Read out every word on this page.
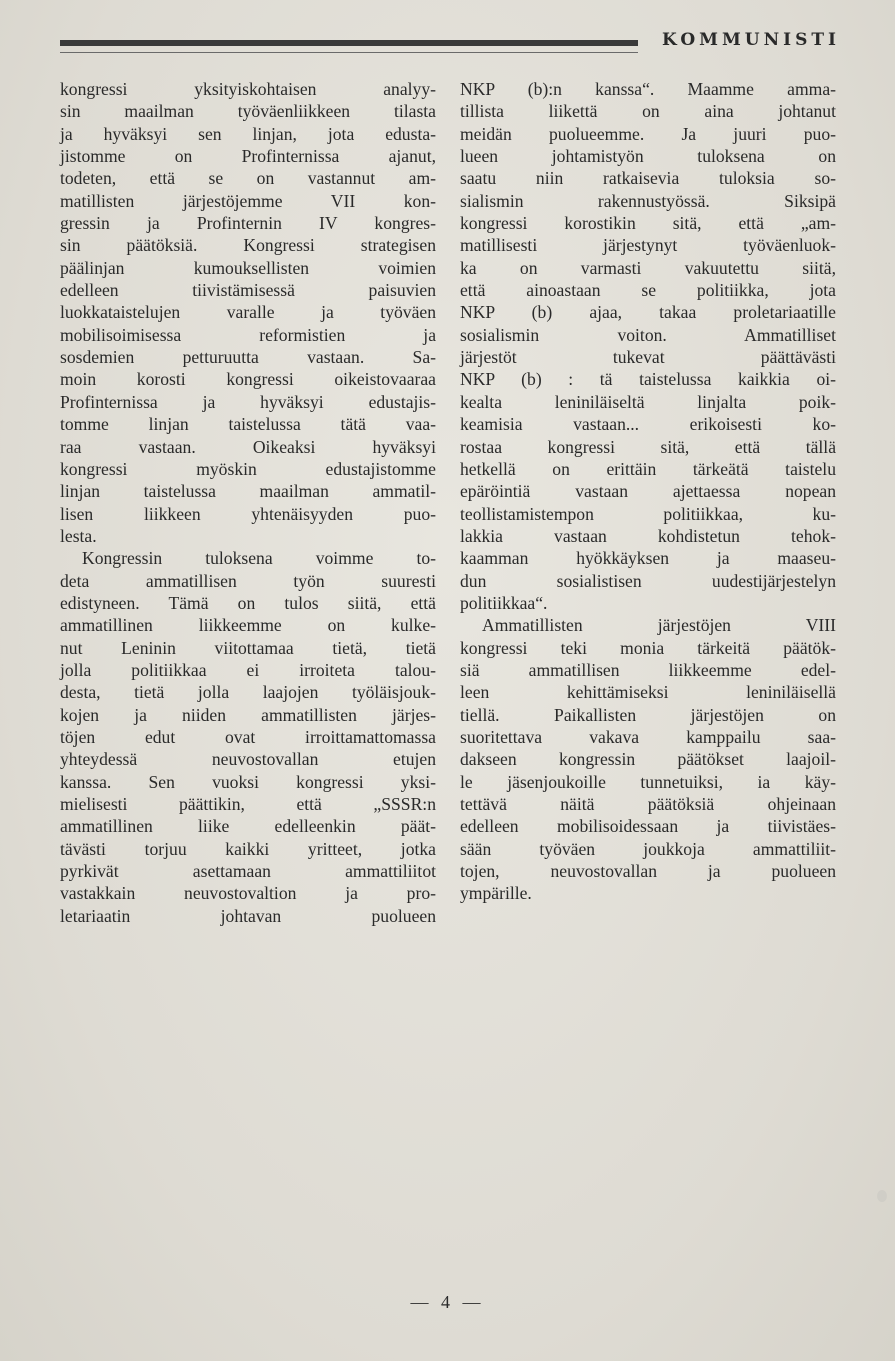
KOMMUNISTI
kongressi yksityiskohtaisen analyy-
sin maailman työväenliikkeen tilasta
ja hyväksyi sen linjan, jota edusta-
jistomme on Profinternissa ajanut,
todeten, että se on vastannut am-
matillisten järjestöjemme VII kon-
gressin ja Profinternin IV kongres-
sin päätöksiä. Kongressi strategisen
päälinjan kumouksellisten voimien
edelleen tiivistämisessä paisuvien
luokkataistelujen varalle ja työväen
mobilisoimisessa reformistien ja
sosdemien petturuutta vastaan. Sa-
moin korosti kongressi oikeistovaaraa
Profinternissa ja hyväksyi edustajis-
tomme linjan taistelussa tätä vaa-
raa vastaan. Oikeaksi hyväksyi
kongressi myöskin edustajistomme
linjan taistelussa maailman ammatil-
lisen liikkeen yhtenäisyyden puo-
lesta.
Kongressin tuloksena voimme to-
deta ammatillisen työn suuresti
edistyneen. Tämä on tulos siitä, että
ammatillinen liikkeemme on kulke-
nut Leninin viitottamaa tietä, tietä
jolla politiikkaa ei irroiteta talou-
desta, tietä jolla laajojen työläisjouk-
kojen ja niiden ammatillisten järjes-
töjen edut ovat irroittamattomassa
yhteydessä neuvostovallan etujen
kanssa. Sen vuoksi kongressi yksi-
mielisesti päättikin, että „SSSR:n
ammatillinen liike edelleenkin päät-
tävästi torjuu kaikki yritteet, jotka
pyrkivät asettamaan ammattiliitot
vastakkain neuvostovaltion ja pro-
letariaatin johtavan puolueen
NKP (b):n kanssa“. Maamme amma-
tillista liikettä on aina johtanut
meidän puolueemme. Ja juuri puo-
lueen johtamistyön tuloksena on
saatu niin ratkaisevia tuloksia so-
sialismin rakennustyössä. Siksipä
kongressi korostikin sitä, että „am-
matillisesti järjestynyt työväenluok-
ka on varmasti vakuutettu siitä,
että ainoastaan se politiikka, jota
NKP (b) ajaa, takaa proletariaatille
sosialismin voiton. Ammatilliset
järjestöt tukevat päättävästi
NKP (b) : tä taistelussa kaikkia oi-
kealta leniniläiseltä linjalta poik-
keamisia vastaan... erikoisesti ko-
rostaa kongressi sitä, että tällä
hetkellä on erittäin tärkeätä taistelu
epäröintiä vastaan ajettaessa nopean
teollistamistempon politiikkaa, ku-
lakkia vastaan kohdistetun tehok-
kaamman hyökkäyksen ja maaseu-
dun sosialistisen uudestijärjestelyn
politiikkaa“.
Ammatillisten järjestöjen VIII
kongressi teki monia tärkeitä päätök-
siä ammatillisen liikkeemme edel-
leen kehittämiseksi leniniläisellä
tiellä. Paikallisten järjestöjen on
suoritettava vakava kamppailu saa-
dakseen kongressin päätökset laajoil-
le jäsenjoukoille tunnetuiksi, ia käy-
tettävä näitä päätöksiä ohjeinaan
edelleen mobilisoidessaan ja tiivistäes-
sään työväen joukkoja ammattiliit-
tojen, neuvostovallan ja puolueen
ympärille.
— 4 —
